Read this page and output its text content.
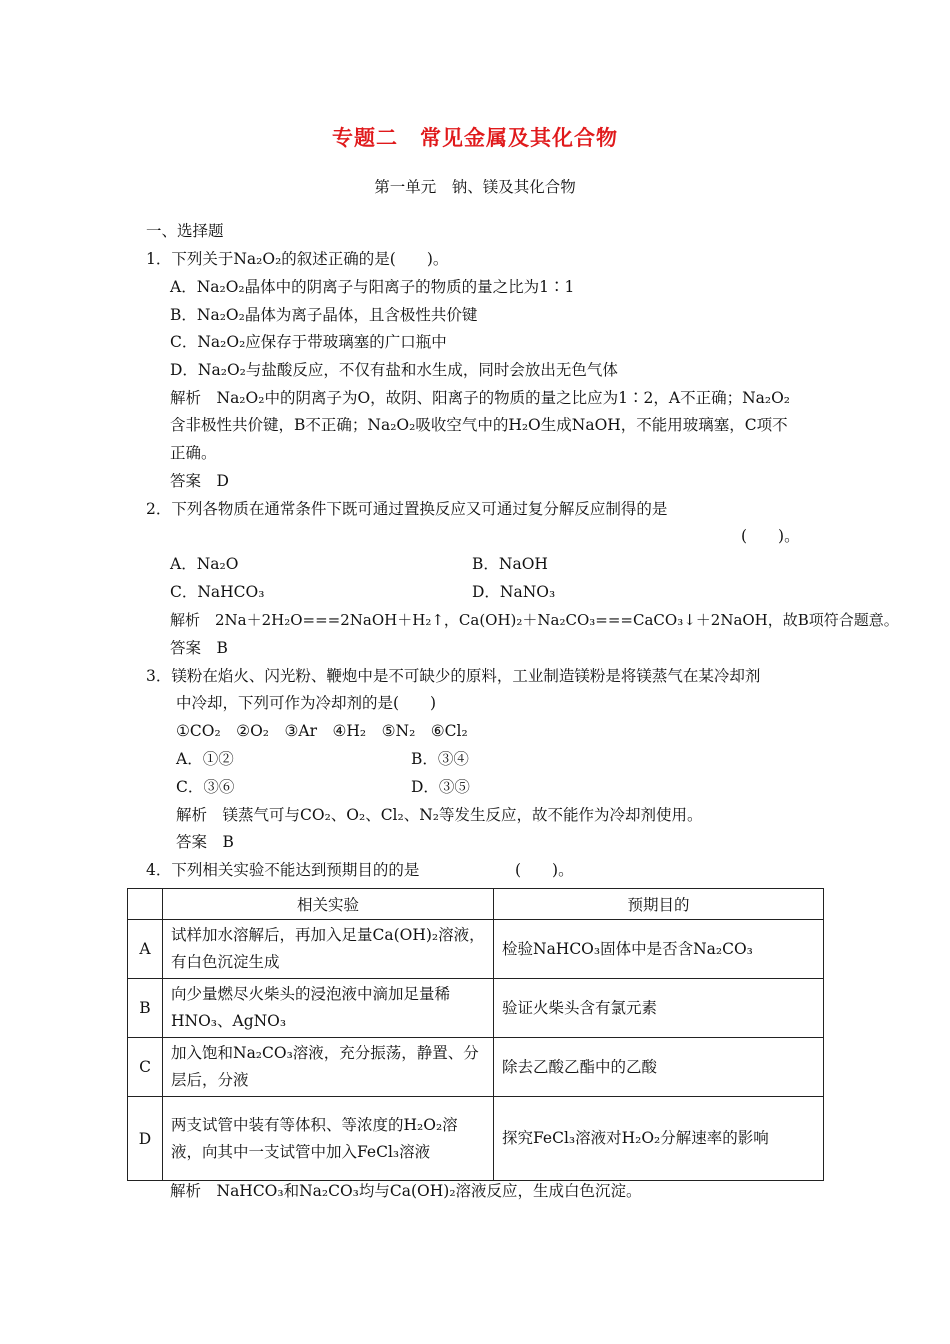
专题二　常见金属及其化合物
第一单元　钠、镁及其化合物
一、选择题
1．下列关于Na₂O₂的叙述正确的是(　　)。
A．Na₂O₂晶体中的阴离子与阳离子的物质的量之比为1∶1
B．Na₂O₂晶体为离子晶体，且含极性共价键
C．Na₂O₂应保存于带玻璃塞的广口瓶中
D．Na₂O₂与盐酸反应，不仅有盐和水生成，同时会放出无色气体
解析　Na₂O₂中的阴离子为O，故阴、阳离子的物质的量之比应为1∶2，A不正确；Na₂O₂
含非极性共价键，B不正确；Na₂O₂吸收空气中的H₂O生成NaOH，不能用玻璃塞，C项不
正确。
答案　D
2．下列各物质在通常条件下既可通过置换反应又可通过复分解反应制得的是
(　　)。
A．Na₂O	B．NaOH
C．NaHCO₃	D．NaNO₃
解析　2Na＋2H₂O===2NaOH＋H₂↑，Ca(OH)₂＋Na₂CO₃===CaCO₃↓＋2NaOH，故B项符合题意。
答案　B
3．镁粉在焰火、闪光粉、鞭炮中是不可缺少的原料，工业制造镁粉是将镁蒸气在某冷却剂
中冷却，下列可作为冷却剂的是(　　)
①CO₂　②O₂　③Ar　④H₂　⑤N₂　⑥Cl₂
A．①②	B．③④
C．③⑥	D．③⑤
解析　镁蒸气可与CO₂、O₂、Cl₂、N₂等发生反应，故不能作为冷却剂使用。
答案　B
4．下列相关实验不能达到预期目的的是	(　　)。
	相关实验	预期目的
A	试样加水溶解后，再加入足量Ca(OH)₂溶液，有白色沉淀生成	检验NaHCO₃固体中是否含Na₂CO₃
B	向少量燃尽火柴头的浸泡液中滴加足量稀HNO₃、AgNO₃	验证火柴头含有氯元素
C	加入饱和Na₂CO₃溶液，充分振荡，静置、分层后，分液	除去乙酸乙酯中的乙酸
D	两支试管中装有等体积、等浓度的H₂O₂溶液，向其中一支试管中加入FeCl₃溶液	探究FeCl₃溶液对H₂O₂分解速率的影响
解析　NaHCO₃和Na₂CO₃均与Ca(OH)₂溶液反应，生成白色沉淀。
